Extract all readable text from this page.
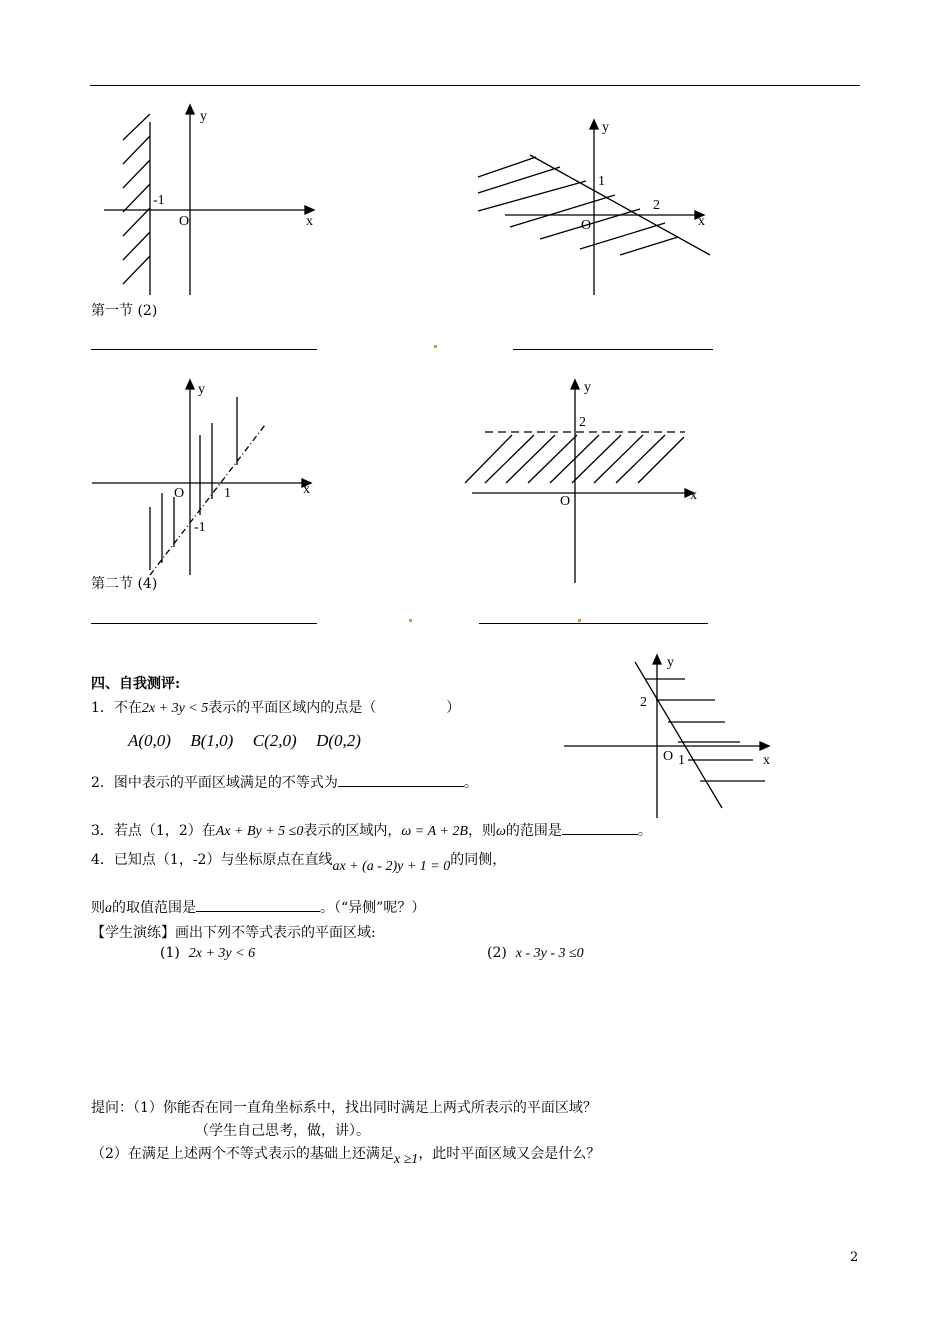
y
x
O
-1
y
x
O
1
2
第一节 (2)
y
x
O	1
-1
y
x
O
2
第二节 (4)
y
x
O
2
1
四、自我测评:
1．不在2x + 3y < 5表示的平面区域内的点是（	）
A(0,0) B(1,0) C(2,0) D(0,2)
2．图中表示的平面区域满足的不等式为	。
3．若点（1，2）在Ax + By + 5 ≤0表示的区域内，ω = A + 2B，则ω的范围是	。
4．已知点（1，-2）与坐标原点在直线ax + (a - 2)y + 1 = 0的同侧，
则a的取值范围是	。（“异侧”呢？）
【学生演练】画出下列不等式表示的平面区域:
(1) 2x + 3y < 6	(2) x - 3y - 3 ≤0
提问：（1）你能否在同一直角坐标系中，找出同时满足上两式所表示的平面区域？
（学生自己思考，做，讲）。
（2）在满足上述两个不等式表示的基础上还满足x ≥1，此时平面区域又会是什么？
2
